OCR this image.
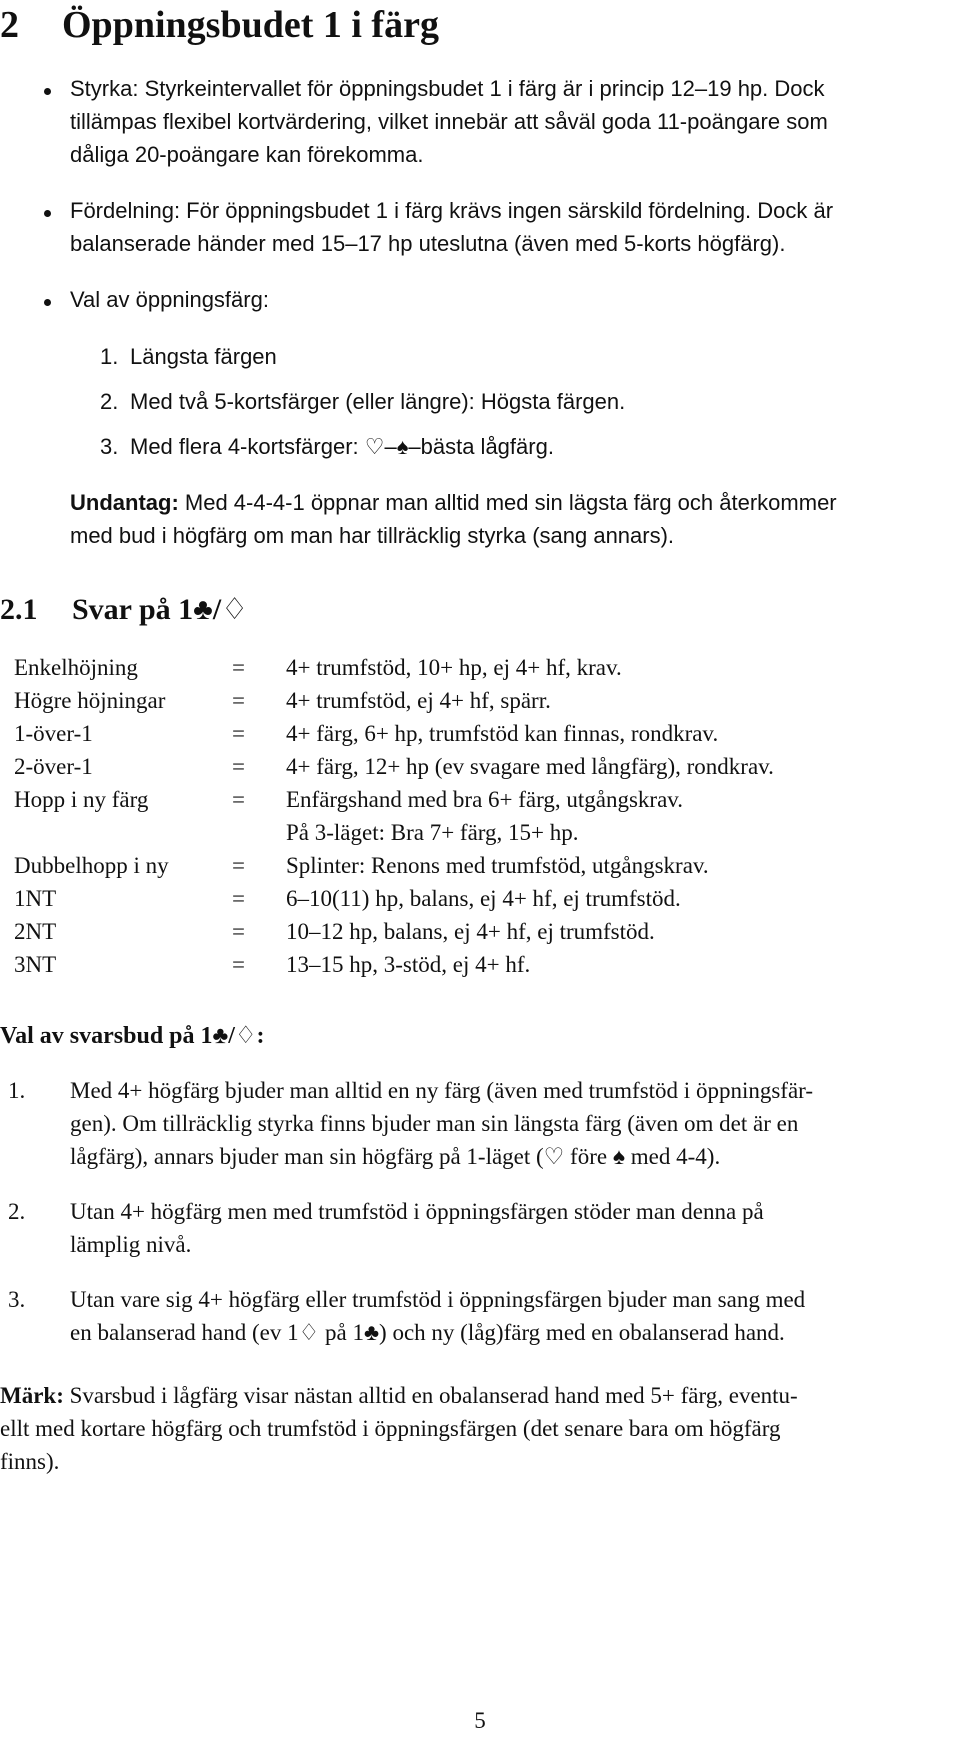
2 Öppningsbudet 1 i färg
Styrka: Styrkeintervallet för öppningsbudet 1 i färg är i princip 12–19 hp. Dock
tillämpas flexibel kortvärdering, vilket innebär att såväl goda 11-poängare som
dåliga 20-poängare kan förekomma.
Fördelning: För öppningsbudet 1 i färg krävs ingen särskild fördelning. Dock är
balanserade händer med 15–17 hp uteslutna (även med 5-korts högfärg).
Val av öppningsfärg:
1. Längsta färgen
2. Med två 5-kortsfärger (eller längre): Högsta färgen.
3. Med flera 4-kortsfärger: ♡–♠–bästa lågfärg.
Undantag: Med 4-4-4-1 öppnar man alltid med sin lägsta färg och återkommer
med bud i högfärg om man har tillräcklig styrka (sang annars).
2.1 Svar på 1♣/♢
Enkelhöjning	= 4+ trumfstöd, 10+ hp, ej 4+ hf, krav.
Högre höjningar	= 4+ trumfstöd, ej 4+ hf, spärr.
1-över-1	= 4+ färg, 6+ hp, trumfstöd kan finnas, rondkrav.
2-över-1	= 4+ färg, 12+ hp (ev svagare med långfärg), rondkrav.
Hopp i ny färg	= Enfärgshand med bra 6+ färg, utgångskrav.
På 3-läget: Bra 7+ färg, 15+ hp.
Dubbelhopp i ny	= Splinter: Renons med trumfstöd, utgångskrav.
1NT	= 6–10(11) hp, balans, ej 4+ hf, ej trumfstöd.
2NT	= 10–12 hp, balans, ej 4+ hf, ej trumfstöd.
3NT	= 13–15 hp, 3-stöd, ej 4+ hf.
Val av svarsbud på 1♣/♢:
1. Med 4+ högfärg bjuder man alltid en ny färg (även med trumfstöd i öppningsfär-
gen). Om tillräcklig styrka finns bjuder man sin längsta färg (även om det är en
lågfärg), annars bjuder man sin högfärg på 1-läget (♡ före ♠ med 4-4).
2. Utan 4+ högfärg men med trumfstöd i öppningsfärgen stöder man denna på
lämplig nivå.
3. Utan vare sig 4+ högfärg eller trumfstöd i öppningsfärgen bjuder man sang med
en balanserad hand (ev 1♢ på 1♣) och ny (låg)färg med en obalanserad hand.
Märk: Svarsbud i lågfärg visar nästan alltid en obalanserad hand med 5+ färg, eventu-
ellt med kortare högfärg och trumfstöd i öppningsfärgen (det senare bara om högfärg
finns).
5
